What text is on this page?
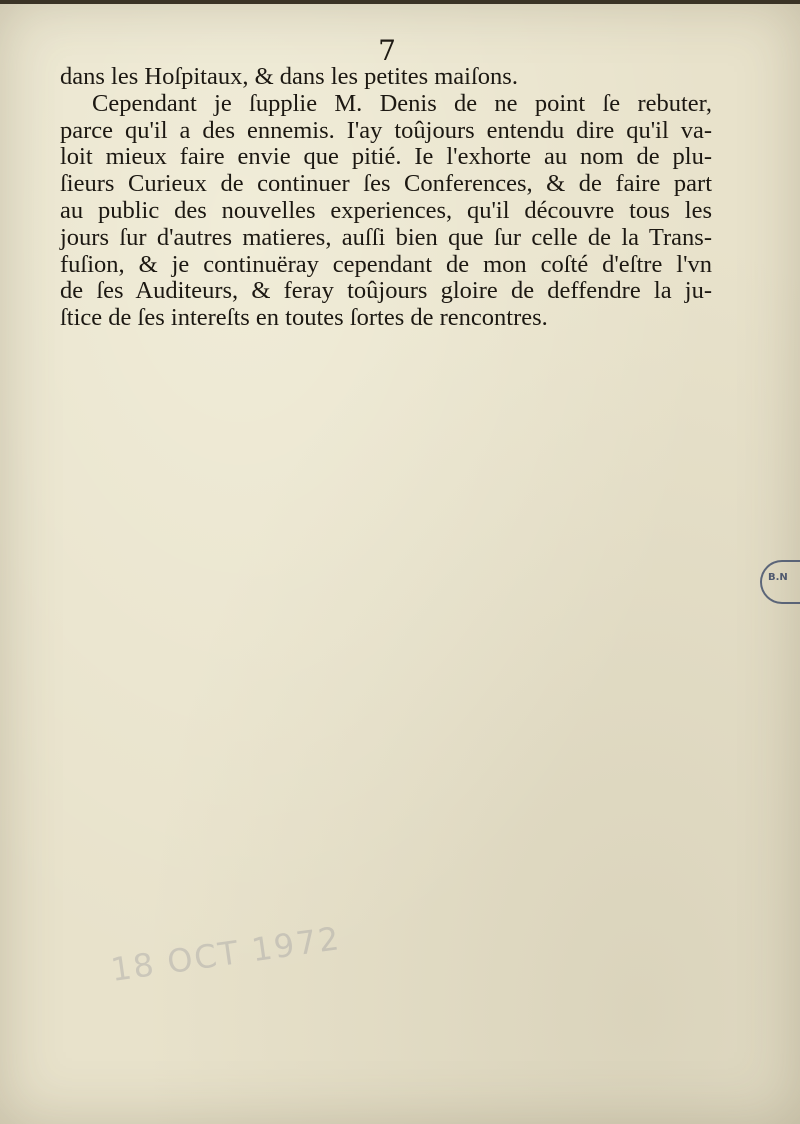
7
dans les Hoſpitaux, & dans les petites maiſons.
Cependant je ſupplie M. Denis de ne point ſe rebuter,
parce qu'il a des ennemis. I'ay toûjours entendu dire qu'il va-
loit mieux faire envie que pitié. Ie l'exhorte au nom de plu-
ſieurs Curieux de continuer ſes Conferences, & de faire part
au public des nouvelles experiences, qu'il découvre tous les
jours ſur d'autres matieres, auſſi bien que ſur celle de la Trans-
fuſion, & je continuëray cependant de mon coſté d'eſtre l'vn
de ſes Auditeurs, & feray toûjours gloire de deffendre la ju-
ſtice de ſes intereſts en toutes ſortes de rencontres.
B.N
18 OCT 1972
